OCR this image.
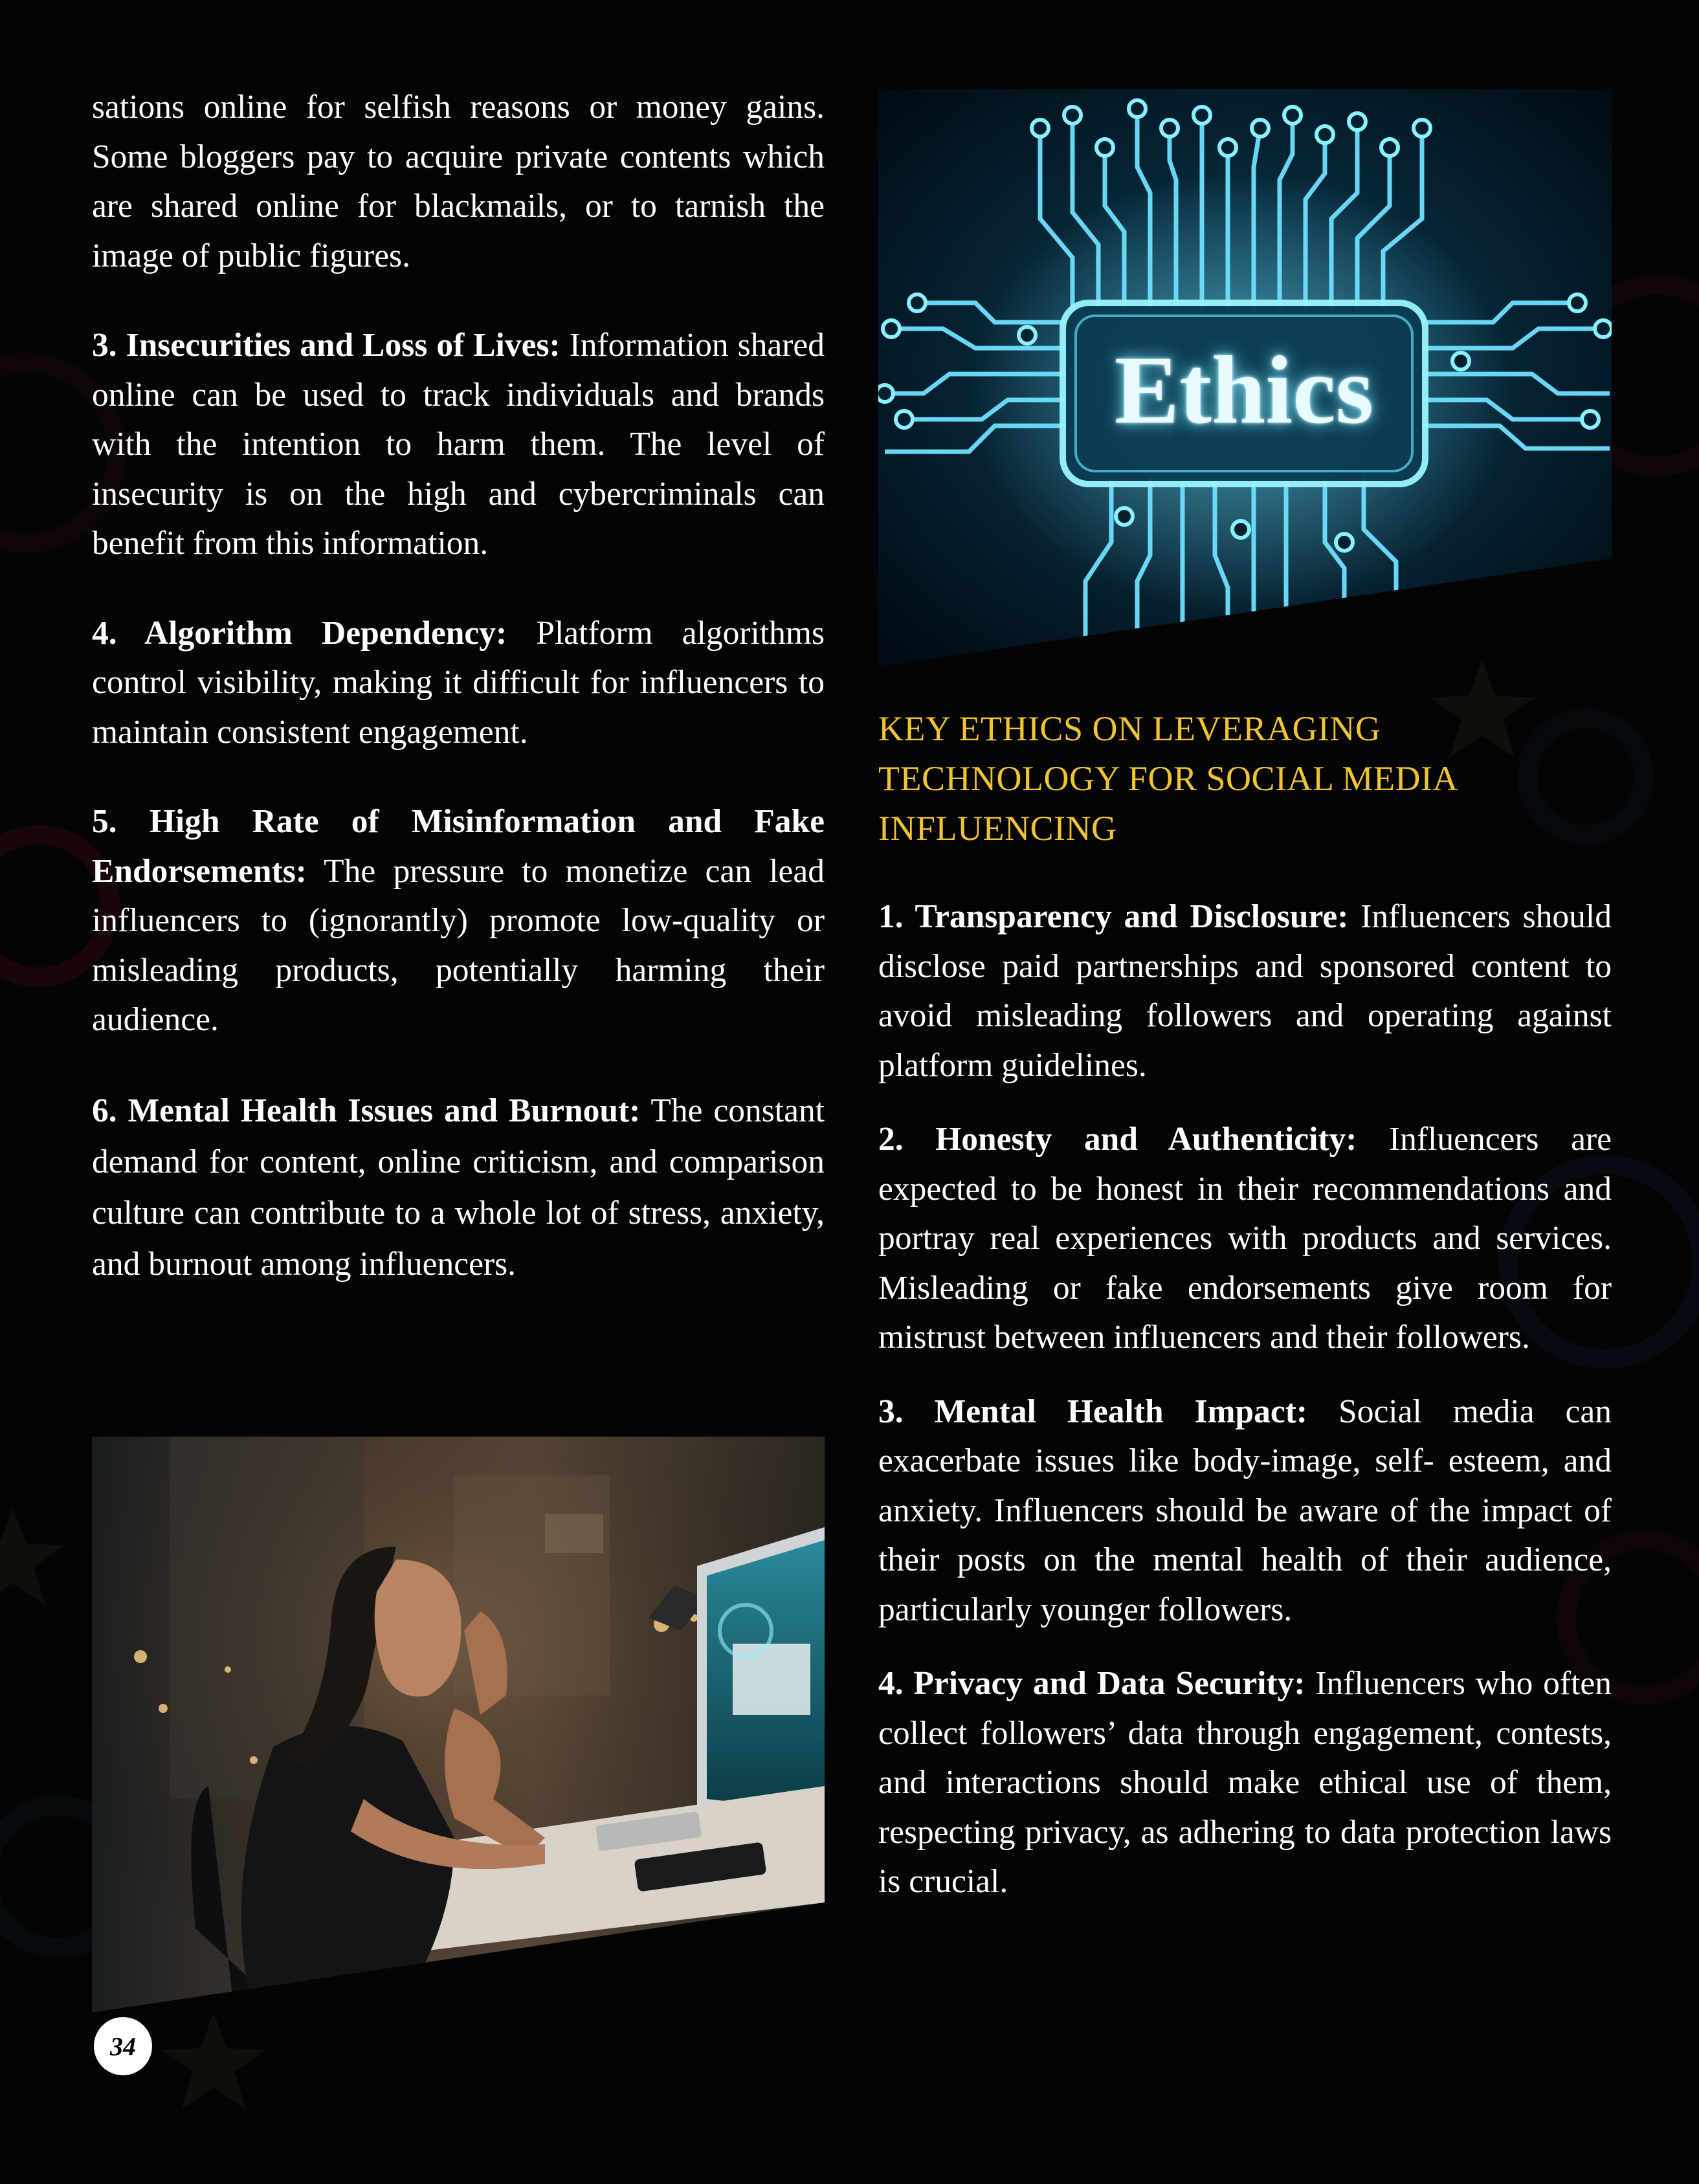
Ethics

sations online for selfish reasons or money gains. Some bloggers pay to acquire private contents which are shared online for blackmails, or to tarnish the image of public figures.

3. Insecurities and Loss of Lives: Information shared online can be used to track individuals and brands with the intention to harm them. The level of insecurity is on the high and cybercriminals can benefit from this information.

4. Algorithm Dependency: Platform algorithms control visibility, making it difficult for influencers to maintain consistent engagement.

5. High Rate of Misinformation and Fake Endorsements: The pressure to monetize can lead influencers to (ignorantly) promote low-quality or misleading products, potentially harming their audience.

6. Mental Health Issues and Burnout: The constant demand for content, online criticism, and comparison culture can contribute to a whole lot of stress, anxiety, and burnout among influencers.

KEY ETHICS ON LEVERAGING TECHNOLOGY FOR SOCIAL MEDIA INFLUENCING

1. Transparency and Disclosure: Influencers should disclose paid partnerships and sponsored content to avoid misleading followers and operating against platform guidelines.

2. Honesty and Authenticity: Influencers are expected to be honest in their recommendations and portray real experiences with products and services. Misleading or fake endorsements give room for mistrust between influencers and their followers.

3. Mental Health Impact: Social media can exacerbate issues like body-image, self- esteem, and anxiety. Influencers should be aware of the impact of their posts on the mental health of their audience, particularly younger followers.

4. Privacy and Data Security: Influencers who often collect followers’ data through engagement, contests, and interactions should make ethical use of them, respecting privacy, as adhering to data protection laws is crucial.

34
